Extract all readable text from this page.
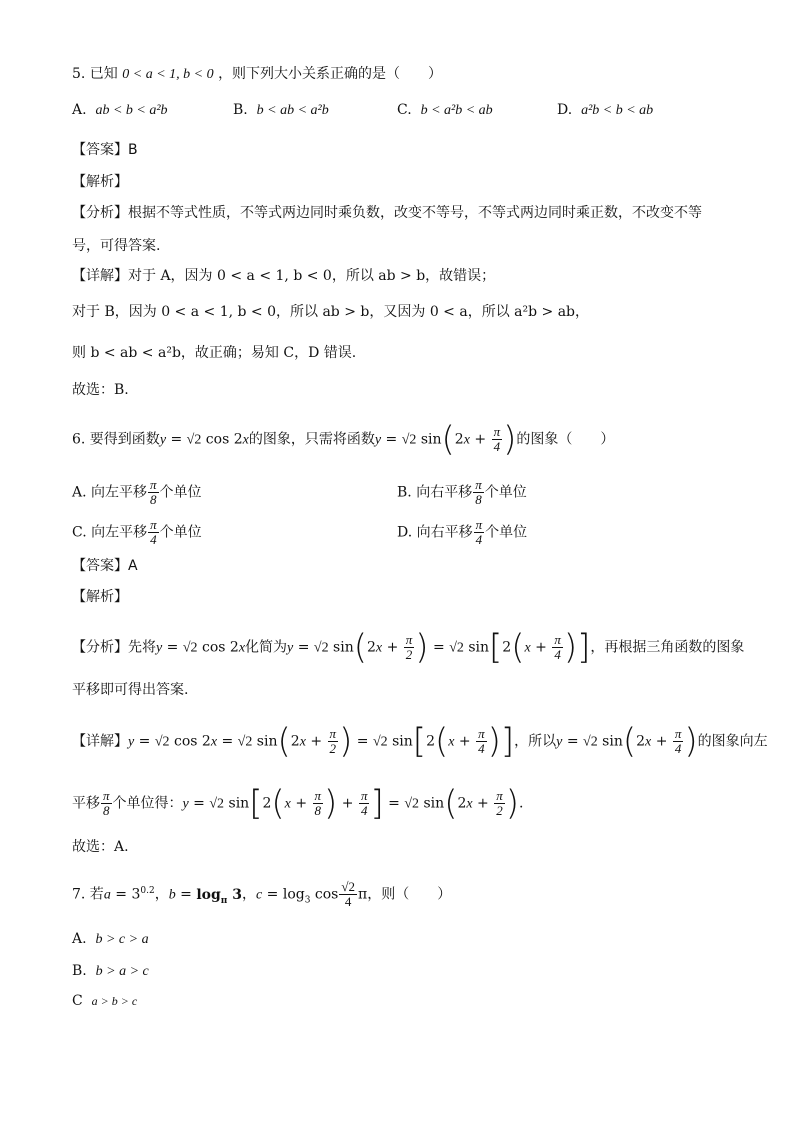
5. 已知 0 < a < 1, b < 0 ，则下列大小关系正确的是（　　）
A. ab < b < a²b	B. b < ab < a²b	C. b < a²b < ab	D. a²b < b < ab
【答案】B
【解析】
【分析】根据不等式性质，不等式两边同时乘负数，改变不等号，不等式两边同时乘正数，不改变不等
号，可得答案.
【详解】对于 A，因为 0 < a < 1, b < 0，所以 ab > b，故错误；
对于 B，因为 0 < a < 1, b < 0，所以 ab > b，又因为 0 < a，所以 a²b > ab，
则 b < ab < a²b，故正确；易知 C，D 错误.
故选：B.
6. 要得到函数y = √2 cos 2x的图象，只需将函数y = √2 $\sin(2x + \frac{\pi}{4}$ )的图象（　　）
A. 向左平移 $\frac{\pi}{8}$ 个单位	B. 向右平移 $\frac{\pi}{8}$ 个单位
C. 向左平移 $\frac{\pi}{4}$ 个单位	D. 向右平移 $\frac{\pi}{4}$ 个单位
【答案】A
【解析】
【分析】先将y = √2 cos 2x化简为y = √2 $\sin(2x + \frac{\pi}{2}$ ) = √2 $\sin[2(x + \frac{\pi}{4}$ )]，再根据三角函数的图象
平移即可得出答案.
【详解】y = √2 cos 2x = √2 $\sin(2x + \frac{\pi}{2}$ ) = √2 $\sin[2(x + \frac{\pi}{4}$ )]，所以y = √2 $\sin(2x + \frac{\pi}{4}$ )的图象向左
平移 $\frac{\pi}{8}$ 个单位得：y = √2 $\sin[2(x + \frac{\pi}{8}$ ) + $\frac{\pi}{4}$ ] = √2 $\sin(2x + \frac{\pi}{2}$ ).
故选：A.
7. 若$a = 3^{0.2}$，$b = \log_\pi 3$，$c = \log_3 \cos \frac{√2}{4}$ π，则（　　）
A. b > c > a
B. b > a > c
C a > b > c
